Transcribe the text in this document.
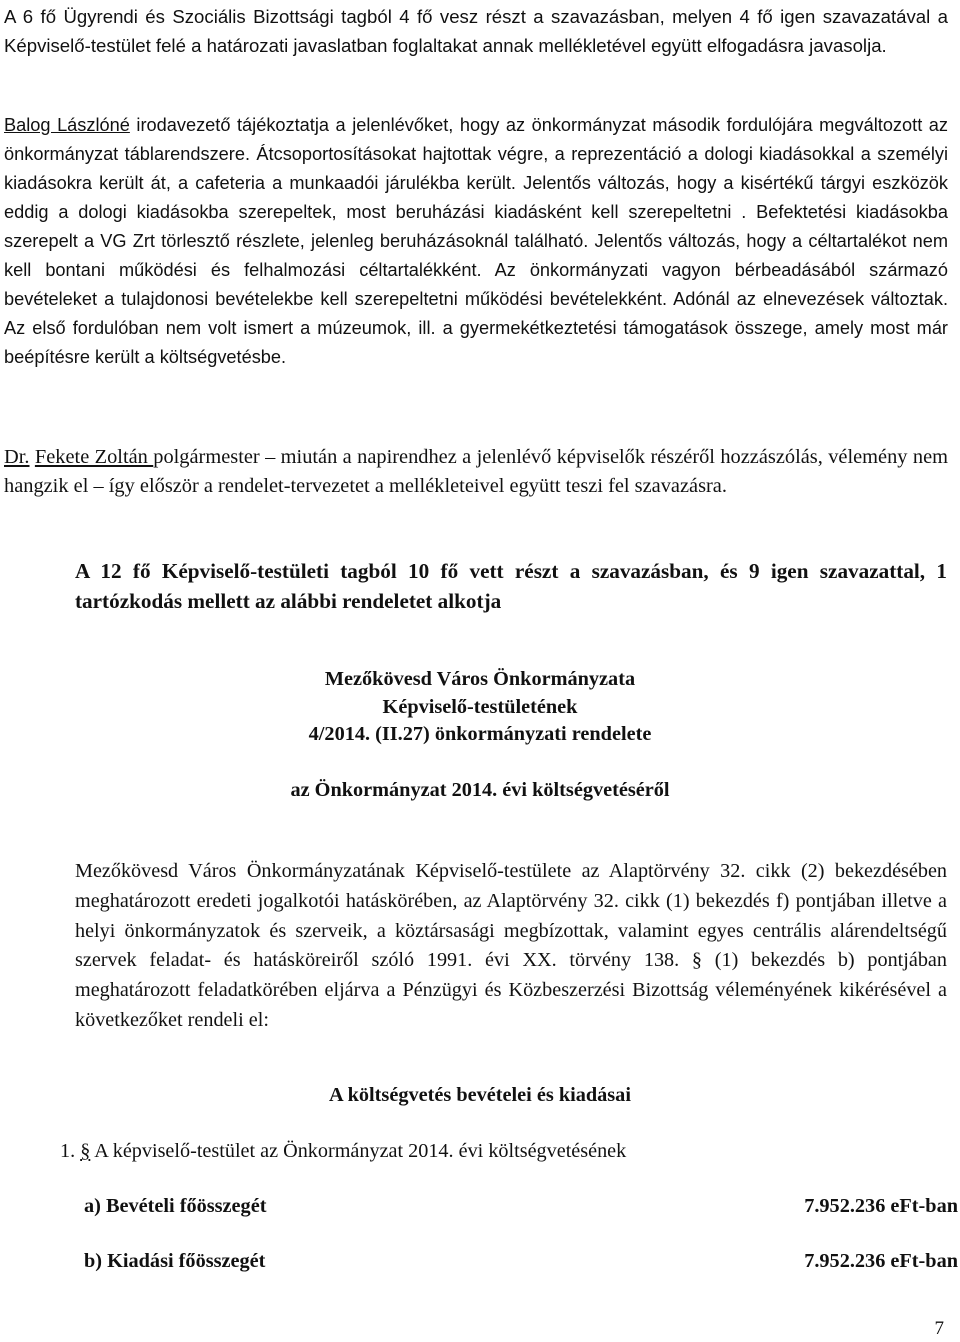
A 6 fő Ügyrendi és Szociális Bizottsági tagból 4 fő vesz részt a szavazásban, melyen 4 fő igen szavazatával a Képviselő-testület felé a határozati javaslatban foglaltakat annak mellékletével együtt elfogadásra javasolja.

Balog Lászlóné irodavezető tájékoztatja a jelenlévőket, hogy az önkormányzat második fordulójára megváltozott az önkormányzat táblarendszere. Átcsoportosításokat hajtottak végre, a reprezentáció a dologi kiadásokkal a személyi kiadásokra került át, a cafeteria a munkaadói járulékba került. Jelentős változás, hogy a kisértékű tárgyi eszközök eddig a dologi kiadásokba szerepeltek, most beruházási kiadásként kell szerepeltetni . Befektetési kiadásokba szerepelt a VG Zrt törlesztő részlete, jelenleg beruházásoknál található. Jelentős változás, hogy a céltartalékot nem kell bontani működési és felhalmozási céltartalékként. Az önkormányzati vagyon bérbeadásából származó bevételeket a tulajdonosi bevételekbe kell szerepeltetni működési bevételekként. Adónál az elnevezések változtak. Az első fordulóban nem volt ismert a múzeumok, ill. a gyermekétkeztetési támogatások összege, amely most már beépítésre került a költségvetésbe.

Dr. Fekete Zoltán polgármester – miután a napirendhez a jelenlévő képviselők részéről hozzászólás, vélemény nem hangzik el – így először a rendelet-tervezetet a mellékleteivel együtt teszi fel szavazásra.

A 12 fő Képviselő-testületi tagból 10 fő vett részt a szavazásban, és 9 igen szavazattal, 1 tartózkodás mellett az alábbi rendeletet alkotja

Mezőkövesd Város Önkormányzata

Képviselő-testületének

4/2014. (II.27) önkormányzati rendelete

az Önkormányzat 2014. évi költségvetéséről

Mezőkövesd Város Önkormányzatának Képviselő-testülete az Alaptörvény 32. cikk (2) bekezdésében meghatározott eredeti jogalkotói hatáskörében, az Alaptörvény 32. cikk (1) bekezdés f) pontjában illetve a helyi önkormányzatok és szerveik, a köztársasági megbízottak, valamint egyes centrális alárendeltségű szervek feladat- és hatásköreiről szóló 1991. évi XX. törvény 138. § (1) bekezdés b) pontjában meghatározott feladatkörében eljárva a Pénzügyi és Közbeszerzési Bizottság véleményének kikérésével a következőket rendeli el:

A költségvetés bevételei és kiadásai

1. § A képviselő-testület az Önkormányzat 2014. évi költségvetésének

a) Bevételi főösszegét	7.952.236 eFt-ban
b) Kiadási főösszegét	7.952.236 eFt-ban
7
